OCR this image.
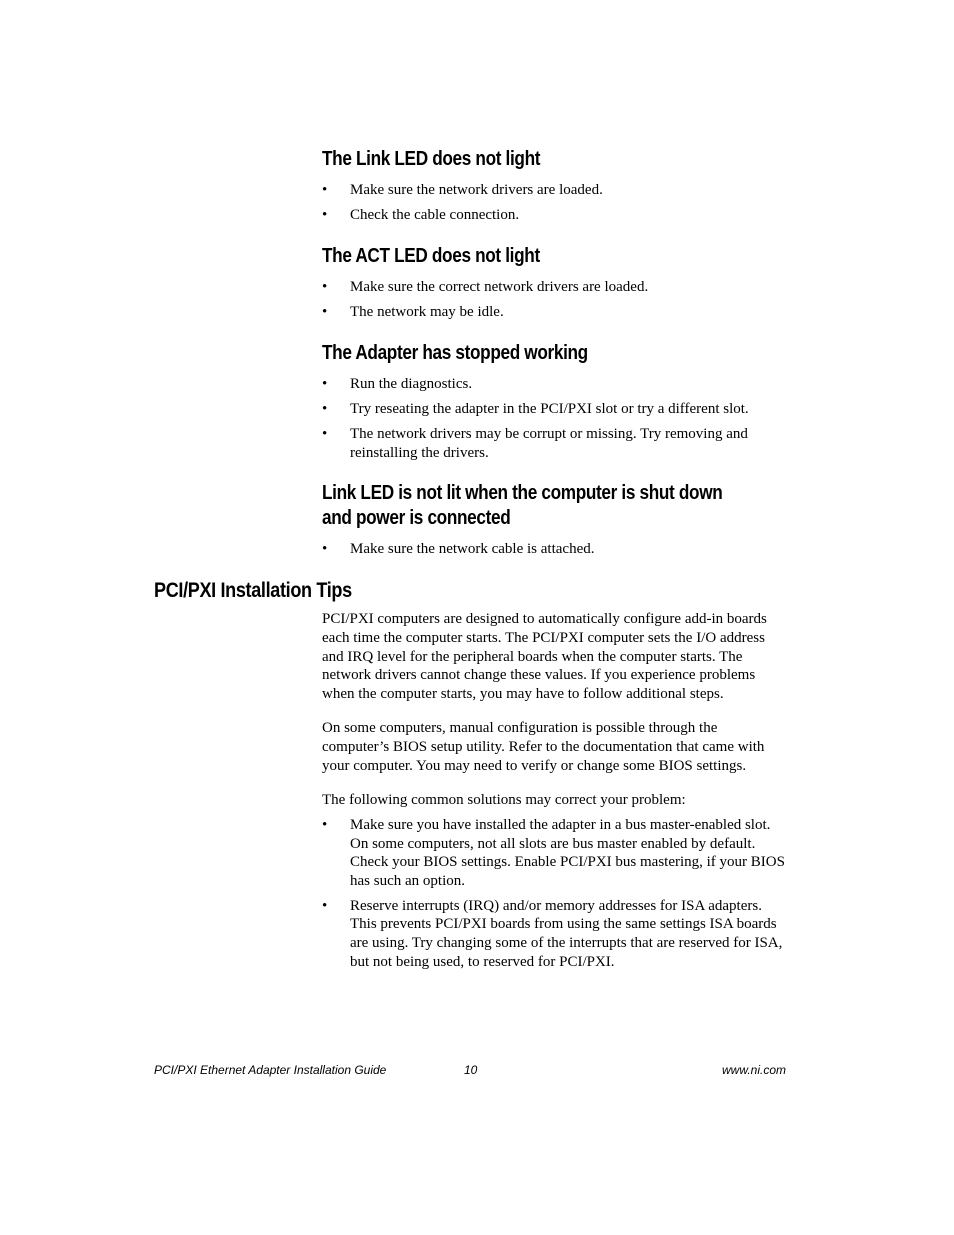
The Link LED does not light
• Make sure the network drivers are loaded.
• Check the cable connection.
The ACT LED does not light
• Make sure the correct network drivers are loaded.
• The network may be idle.
The Adapter has stopped working
• Run the diagnostics.
• Try reseating the adapter in the PCI/PXI slot or try a different slot.
• The network drivers may be corrupt or missing. Try removing and reinstalling the drivers.
Link LED is not lit when the computer is shut down
and power is connected
• Make sure the network cable is attached.
PCI/PXI Installation Tips

PCI/PXI computers are designed to automatically configure add-in boards each time the computer starts. The PCI/PXI computer sets the I/O address and IRQ level for the peripheral boards when the computer starts. The network drivers cannot change these values. If you experience problems when the computer starts, you may have to follow additional steps.

On some computers, manual configuration is possible through the computer’s BIOS setup utility. Refer to the documentation that came with your computer. You may need to verify or change some BIOS settings.

The following common solutions may correct your problem:

• Make sure you have installed the adapter in a bus master-enabled slot. On some computers, not all slots are bus master enabled by default. Check your BIOS settings. Enable PCI/PXI bus mastering, if your BIOS has such an option.
• Reserve interrupts (IRQ) and/or memory addresses for ISA adapters. This prevents PCI/PXI boards from using the same settings ISA boards are using. Try changing some of the interrupts that are reserved for ISA, but not being used, to reserved for PCI/PXI.
PCI/PXI Ethernet Adapter Installation Guide	10	www.ni.com
